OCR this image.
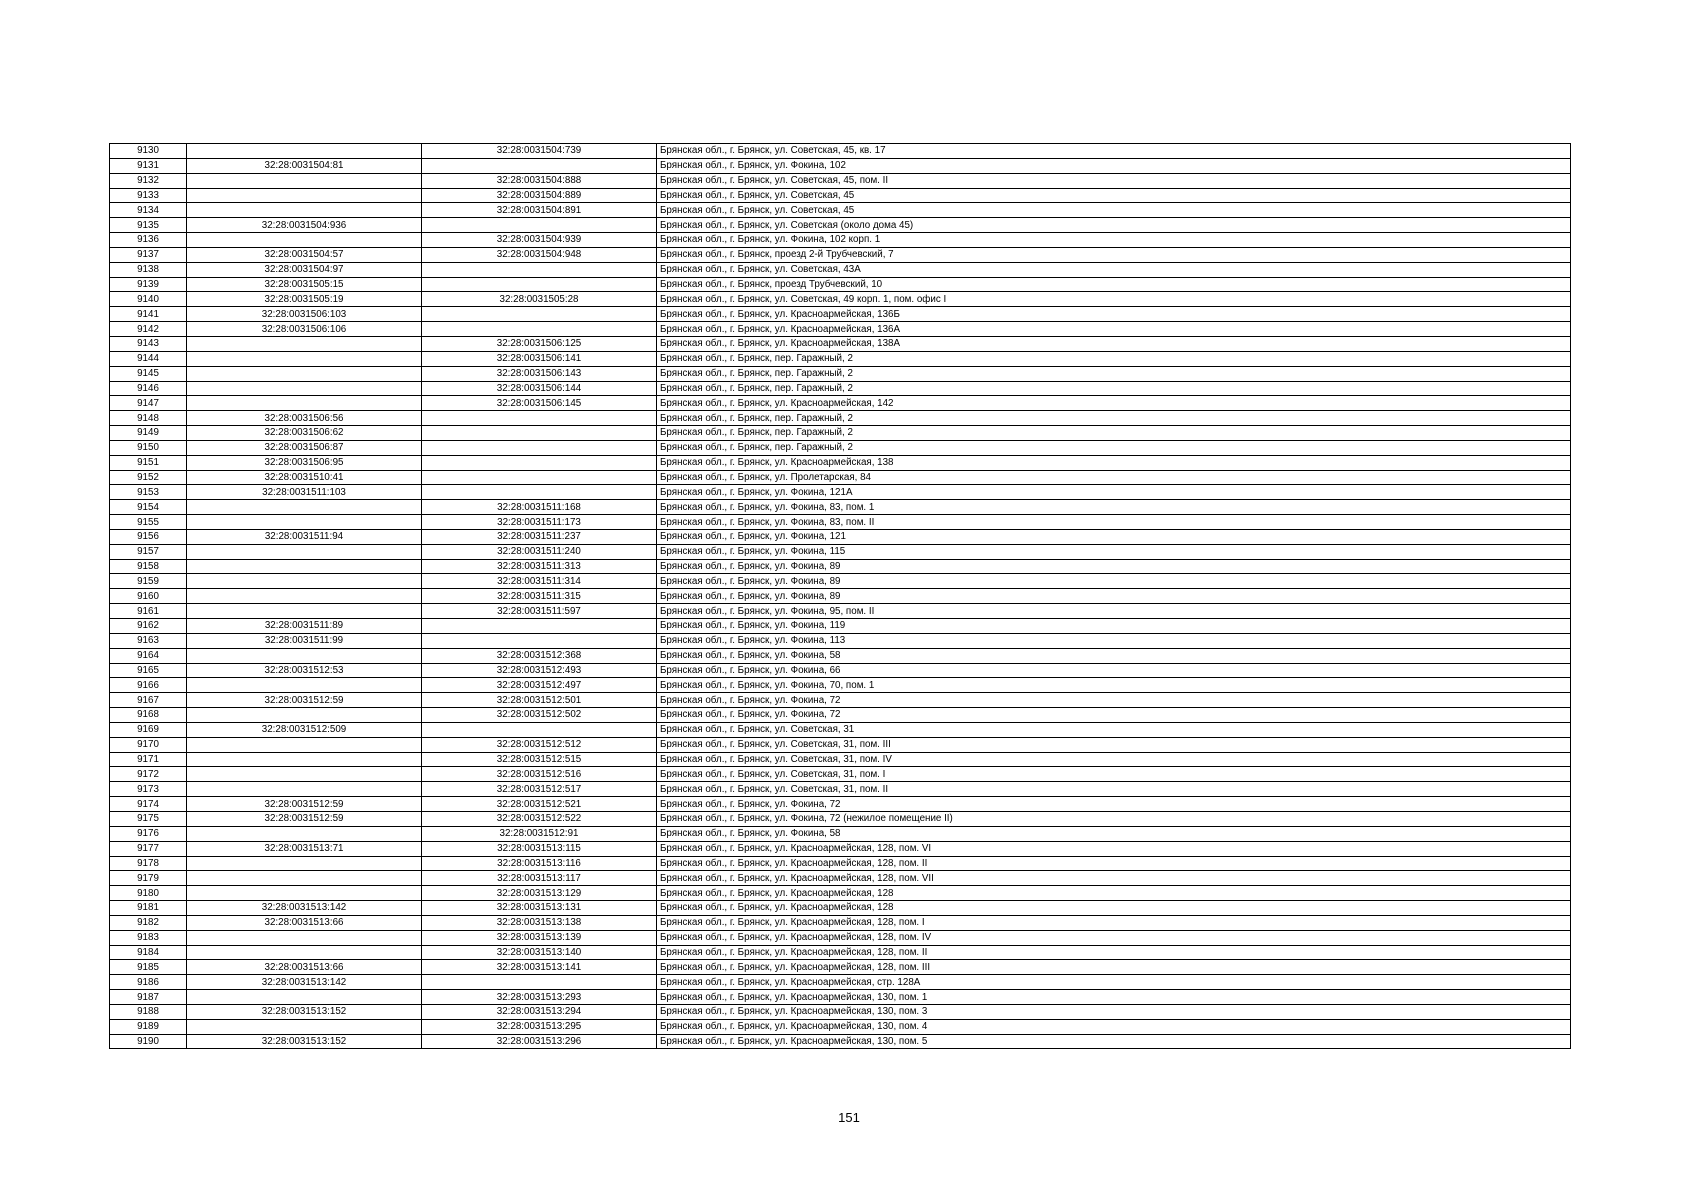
9130		32:28:0031504:739	Брянская обл., г. Брянск, ул. Советская, 45, кв. 17
9131	32:28:0031504:81		Брянская обл., г. Брянск, ул. Фокина, 102
9132		32:28:0031504:888	Брянская обл., г. Брянск, ул. Советская, 45, пом. II
9133		32:28:0031504:889	Брянская обл., г. Брянск, ул. Советская, 45
9134		32:28:0031504:891	Брянская обл., г. Брянск, ул. Советская, 45
9135	32:28:0031504:936		Брянская обл., г. Брянск, ул. Советская (около дома 45)
9136		32:28:0031504:939	Брянская обл., г. Брянск, ул. Фокина, 102 корп. 1
9137	32:28:0031504:57	32:28:0031504:948	Брянская обл., г. Брянск, проезд 2-й Трубчевский, 7
9138	32:28:0031504:97		Брянская обл., г. Брянск, ул. Советская, 43А
9139	32:28:0031505:15		Брянская обл., г. Брянск, проезд Трубчевский, 10
9140	32:28:0031505:19	32:28:0031505:28	Брянская обл., г. Брянск, ул. Советская, 49 корп. 1, пом. офис I
9141	32:28:0031506:103		Брянская обл., г. Брянск, ул. Красноармейская, 136Б
9142	32:28:0031506:106		Брянская обл., г. Брянск, ул. Красноармейская, 136А
9143		32:28:0031506:125	Брянская обл., г. Брянск, ул. Красноармейская, 138А
9144		32:28:0031506:141	Брянская обл., г. Брянск, пер. Гаражный, 2
9145		32:28:0031506:143	Брянская обл., г. Брянск, пер. Гаражный, 2
9146		32:28:0031506:144	Брянская обл., г. Брянск, пер. Гаражный, 2
9147		32:28:0031506:145	Брянская обл., г. Брянск, ул. Красноармейская, 142
9148	32:28:0031506:56		Брянская обл., г. Брянск, пер. Гаражный, 2
9149	32:28:0031506:62		Брянская обл., г. Брянск, пер. Гаражный, 2
9150	32:28:0031506:87		Брянская обл., г. Брянск, пер. Гаражный, 2
9151	32:28:0031506:95		Брянская обл., г. Брянск, ул. Красноармейская, 138
9152	32:28:0031510:41		Брянская обл., г. Брянск, ул. Пролетарская, 84
9153	32:28:0031511:103		Брянская обл., г. Брянск, ул. Фокина, 121А
9154		32:28:0031511:168	Брянская обл., г. Брянск, ул. Фокина, 83, пом. 1
9155		32:28:0031511:173	Брянская обл., г. Брянск, ул. Фокина, 83, пом. II
9156	32:28:0031511:94	32:28:0031511:237	Брянская обл., г. Брянск, ул. Фокина, 121
9157		32:28:0031511:240	Брянская обл., г. Брянск, ул. Фокина, 115
9158		32:28:0031511:313	Брянская обл., г. Брянск, ул. Фокина, 89
9159		32:28:0031511:314	Брянская обл., г. Брянск, ул. Фокина, 89
9160		32:28:0031511:315	Брянская обл., г. Брянск, ул. Фокина, 89
9161		32:28:0031511:597	Брянская обл., г. Брянск, ул. Фокина, 95, пом. II
9162	32:28:0031511:89		Брянская обл., г. Брянск, ул. Фокина, 119
9163	32:28:0031511:99		Брянская обл., г. Брянск, ул. Фокина, 113
9164		32:28:0031512:368	Брянская обл., г. Брянск, ул. Фокина, 58
9165	32:28:0031512:53	32:28:0031512:493	Брянская обл., г. Брянск, ул. Фокина, 66
9166		32:28:0031512:497	Брянская обл., г. Брянск, ул. Фокина, 70, пом. 1
9167	32:28:0031512:59	32:28:0031512:501	Брянская обл., г. Брянск, ул. Фокина, 72
9168		32:28:0031512:502	Брянская обл., г. Брянск, ул. Фокина, 72
9169	32:28:0031512:509		Брянская обл., г. Брянск, ул. Советская, 31
9170		32:28:0031512:512	Брянская обл., г. Брянск, ул. Советская, 31, пом. III
9171		32:28:0031512:515	Брянская обл., г. Брянск, ул. Советская, 31, пом. IV
9172		32:28:0031512:516	Брянская обл., г. Брянск, ул. Советская, 31, пом. I
9173		32:28:0031512:517	Брянская обл., г. Брянск, ул. Советская, 31, пом. II
9174	32:28:0031512:59	32:28:0031512:521	Брянская обл., г. Брянск, ул. Фокина, 72
9175	32:28:0031512:59	32:28:0031512:522	Брянская обл., г. Брянск, ул. Фокина, 72 (нежилое помещение II)
9176		32:28:0031512:91	Брянская обл., г. Брянск, ул. Фокина, 58
9177	32:28:0031513:71	32:28:0031513:115	Брянская обл., г. Брянск, ул. Красноармейская, 128, пом. VI
9178		32:28:0031513:116	Брянская обл., г. Брянск, ул. Красноармейская, 128, пом. II
9179		32:28:0031513:117	Брянская обл., г. Брянск, ул. Красноармейская, 128, пом. VII
9180		32:28:0031513:129	Брянская обл., г. Брянск, ул. Красноармейская, 128
9181	32:28:0031513:142	32:28:0031513:131	Брянская обл., г. Брянск, ул. Красноармейская, 128
9182	32:28:0031513:66	32:28:0031513:138	Брянская обл., г. Брянск, ул. Красноармейская, 128, пом. I
9183		32:28:0031513:139	Брянская обл., г. Брянск, ул. Красноармейская, 128, пом. IV
9184		32:28:0031513:140	Брянская обл., г. Брянск, ул. Красноармейская, 128, пом. II
9185	32:28:0031513:66	32:28:0031513:141	Брянская обл., г. Брянск, ул. Красноармейская, 128, пом. III
9186	32:28:0031513:142		Брянская обл., г. Брянск, ул. Красноармейская, стр. 128А
9187		32:28:0031513:293	Брянская обл., г. Брянск, ул. Красноармейская, 130, пом. 1
9188	32:28:0031513:152	32:28:0031513:294	Брянская обл., г. Брянск, ул. Красноармейская, 130, пом. 3
9189		32:28:0031513:295	Брянская обл., г. Брянск, ул. Красноармейская, 130, пом. 4
9190	32:28:0031513:152	32:28:0031513:296	Брянская обл., г. Брянск, ул. Красноармейская, 130, пом. 5
151
